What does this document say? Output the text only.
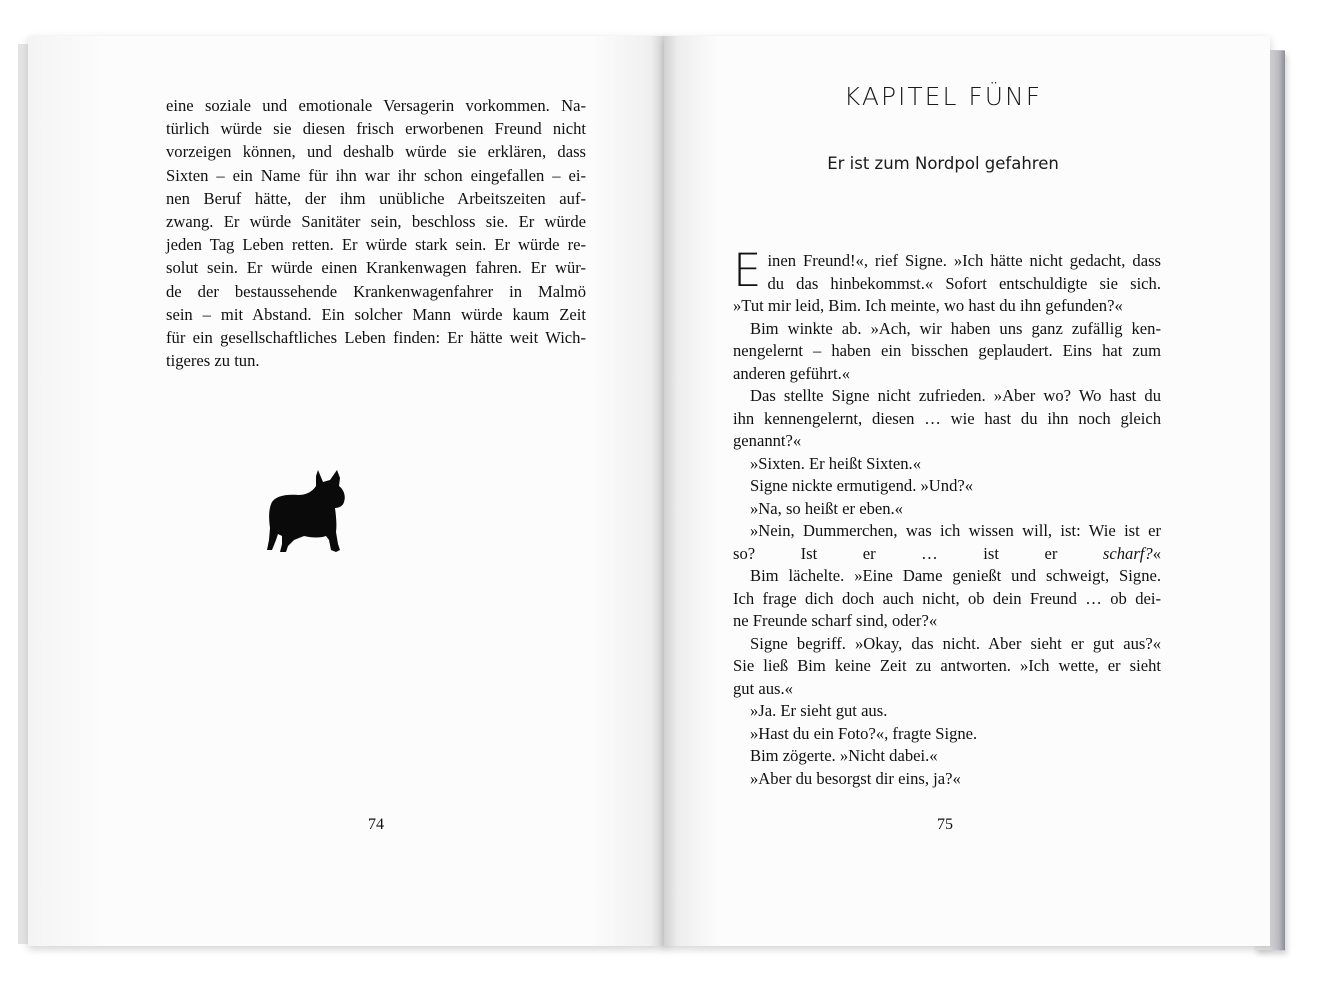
eine soziale und emotionale Versagerin vorkommen. Na-
türlich würde sie diesen frisch erworbenen Freund nicht
vorzeigen können, und deshalb würde sie erklären, dass
Sixten – ein Name für ihn war ihr schon eingefallen – ei-
nen Beruf hätte, der ihm unübliche Arbeitszeiten auf-
zwang. Er würde Sanitäter sein, beschloss sie. Er würde
jeden Tag Leben retten. Er würde stark sein. Er würde re-
solut sein. Er würde einen Krankenwagen fahren. Er wür-
de der bestaussehende Krankenwagenfahrer in Malmö
sein – mit Abstand. Ein solcher Mann würde kaum Zeit
für ein gesellschaftliches Leben finden: Er hätte weit Wich-
tigeres zu tun.
74
KAPITEL FÜNF
Er ist zum Nordpol gefahren
E inen Freund!«, rief Signe. »Ich hätte nicht gedacht, dass
du das hinbekommst.« Sofort entschuldigte sie sich.
»Tut mir leid, Bim. Ich meinte, wo hast du ihn gefunden?«
Bim winkte ab. »Ach, wir haben uns ganz zufällig ken-
nengelernt – haben ein bisschen geplaudert. Eins hat zum
anderen geführt.«
Das stellte Signe nicht zufrieden. »Aber wo? Wo hast du
ihn kennengelernt, diesen … wie hast du ihn noch gleich
genannt?«
»Sixten. Er heißt Sixten.«
Signe nickte ermutigend. »Und?«
»Na, so heißt er eben.«
»Nein, Dummerchen, was ich wissen will, ist: Wie ist er
so? Ist er … ist er scharf?«
Bim lächelte. »Eine Dame genießt und schweigt, Signe.
Ich frage dich doch auch nicht, ob dein Freund … ob dei-
ne Freunde scharf sind, oder?«
Signe begriff. »Okay, das nicht. Aber sieht er gut aus?«
Sie ließ Bim keine Zeit zu antworten. »Ich wette, er sieht
gut aus.«
»Ja. Er sieht gut aus.
»Hast du ein Foto?«, fragte Signe.
Bim zögerte. »Nicht dabei.«
»Aber du besorgst dir eins, ja?«
75
